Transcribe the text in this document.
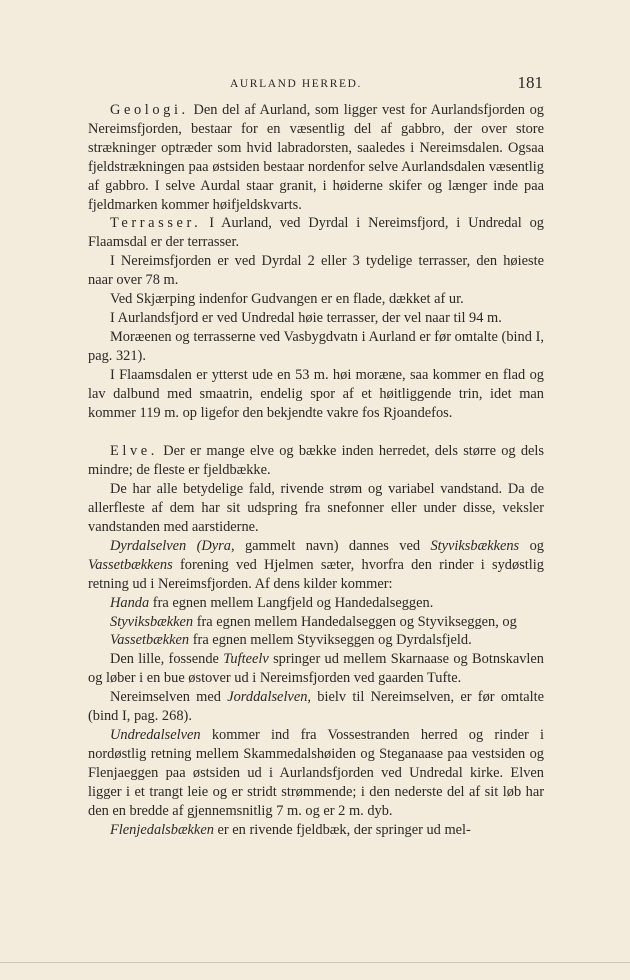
AURLAND HERRED.	181

Geologi. Den del af Aurland, som ligger vest for Aurlandsfjorden og Nereimsfjorden, bestaar for en væsentlig del af gabbro, der over store strækninger optræder som hvid labradorsten, saaledes i Nereimsdalen. Ogsaa fjeldstrækningen paa østsiden bestaar nordenfor selve Aurlandsdalen væsentlig af gabbro. I selve Aurdal staar granit, i høiderne skifer og længer inde paa fjeldmarken kommer høifjeldskvarts.

Terrasser. I Aurland, ved Dyrdal i Nereimsfjord, i Undredal og Flaamsdal er der terrasser.

I Nereimsfjorden er ved Dyrdal 2 eller 3 tydelige terrasser, den høieste naar over 78 m.

Ved Skjærping indenfor Gudvangen er en flade, dækket af ur.

I Aurlandsfjord er ved Undredal høie terrasser, der vel naar til 94 m.

Moræenen og terrasserne ved Vasbygdvatn i Aurland er før omtalte (bind I, pag. 321).

I Flaamsdalen er ytterst ude en 53 m. høi moræne, saa kommer en flad og lav dalbund med smaatrin, endelig spor af et høitliggende trin, idet man kommer 119 m. op ligefor den bekjendte vakre fos Rjoandefos.

Elve. Der er mange elve og bække inden herredet, dels større og dels mindre; de fleste er fjeldbække.

De har alle betydelige fald, rivende strøm og variabel vandstand. Da de allerfleste af dem har sit udspring fra snefonner eller under disse, veksler vandstanden med aarstiderne.

Dyrdalselven (Dyra, gammelt navn) dannes ved Styviksbækkens og Vassetbækkens forening ved Hjelmen sæter, hvorfra den rinder i sydøstlig retning ud i Nereimsfjorden. Af dens kilder kommer:

Handa fra egnen mellem Langfjeld og Handedalseggen.

Styviksbækken fra egnen mellem Handedalseggen og Styvikseggen, og

Vassetbækken fra egnen mellem Styvikseggen og Dyrdalsfjeld.

Den lille, fossende Tufteelv springer ud mellem Skarnaase og Botnskavlen og løber i en bue østover ud i Nereimsfjorden ved gaarden Tufte.

Nereimselven med Jorddalselven, bielv til Nereimselven, er før omtalte (bind I, pag. 268).

Undredalselven kommer ind fra Vossestranden herred og rinder i nordøstlig retning mellem Skammedalshøiden og Steganaase paa vestsiden og Flenjaeggen paa østsiden ud i Aurlandsfjorden ved Undredal kirke. Elven ligger i et trangt leie og er stridt strømmende; i den nederste del af sit løb har den en bredde af gjennemsnitlig 7 m. og er 2 m. dyb.

Flenjedalsbækken er en rivende fjeldbæk, der springer ud mel-
